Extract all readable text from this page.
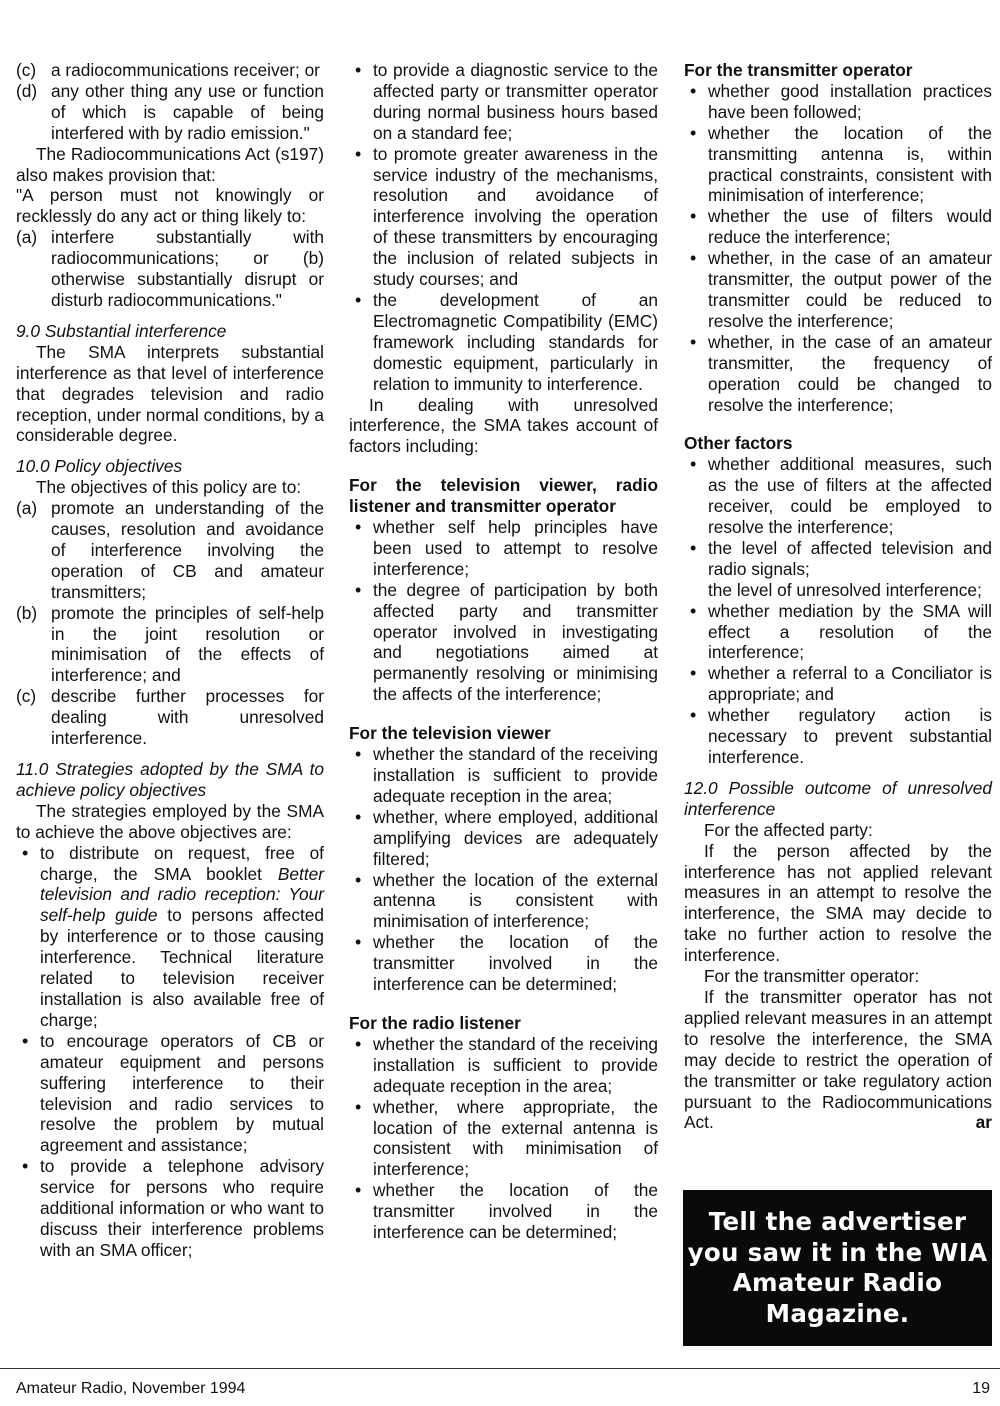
(c) a radiocommunications receiver; or
(d) any other thing any use or function of which is capable of being interfered with by radio emission."

The Radiocommunications Act (s197) also makes provision that:

"A person must not knowingly or recklessly do any act or thing likely to:

(a) interfere substantially with radiocommunications; or (b) otherwise substantially disrupt or disturb radiocommunications."

9.0 Substantial interference

The SMA interprets substantial interference as that level of interference that degrades television and radio reception, under normal conditions, by a considerable degree.

10.0 Policy objectives

The objectives of this policy are to:

(a) promote an understanding of the causes, resolution and avoidance of interference involving the operation of CB and amateur transmitters;
(b) promote the principles of self-help in the joint resolution or minimisation of the effects of interference; and
(c) describe further processes for dealing with unresolved interference.

11.0 Strategies adopted by the SMA to achieve policy objectives

The strategies employed by the SMA to achieve the above objectives are:

• to distribute on request, free of charge, the SMA booklet Better television and radio reception: Your self-help guide to persons affected by interference or to those causing interference. Technical literature related to television receiver installation is also available free of charge;
• to encourage operators of CB or amateur equipment and persons suffering interference to their television and radio services to resolve the problem by mutual agreement and assistance;
• to provide a telephone advisory service for persons who require additional information or who want to discuss their interference problems with an SMA officer;
• to provide a diagnostic service to the affected party or transmitter operator during normal business hours based on a standard fee;
• to promote greater awareness in the service industry of the mechanisms, resolution and avoidance of interference involving the operation of these transmitters by encouraging the inclusion of related subjects in study courses; and
• the development of an Electromagnetic Compatibility (EMC) framework including standards for domestic equipment, particularly in relation to immunity to interference.

In dealing with unresolved interference, the SMA takes account of factors including:

For the television viewer, radio listener and transmitter operator

• whether self help principles have been used to attempt to resolve interference;
• the degree of participation by both affected party and transmitter operator involved in investigating and negotiations aimed at permanently resolving or minimising the affects of the interference;

For the television viewer

• whether the standard of the receiving installation is sufficient to provide adequate reception in the area;
• whether, where employed, additional amplifying devices are adequately filtered;
• whether the location of the external antenna is consistent with minimisation of interference;
• whether the location of the transmitter involved in the interference can be determined;

For the radio listener

• whether the standard of the receiving installation is sufficient to provide adequate reception in the area;
• whether, where appropriate, the location of the external antenna is consistent with minimisation of interference;
• whether the location of the transmitter involved in the interference can be determined;

For the transmitter operator

• whether good installation practices have been followed;
• whether the location of the transmitting antenna is, within practical constraints, consistent with minimisation of interference;
• whether the use of filters would reduce the interference;
• whether, in the case of an amateur transmitter, the output power of the transmitter could be reduced to resolve the interference;
• whether, in the case of an amateur transmitter, the frequency of operation could be changed to resolve the interference;

Other factors

• whether additional measures, such as the use of filters at the affected receiver, could be employed to resolve the interference;
• the level of affected television and radio signals;
the level of unresolved interference;
• whether mediation by the SMA will effect a resolution of the interference;
• whether a referral to a Conciliator is appropriate; and
• whether regulatory action is necessary to prevent substantial interference.

12.0 Possible outcome of unresolved interference

For the affected party:

If the person affected by the interference has not applied relevant measures in an attempt to resolve the interference, the SMA may decide to take no further action to resolve the interference.

For the transmitter operator:

If the transmitter operator has not applied relevant measures in an attempt to resolve the interference, the SMA may decide to restrict the operation of the transmitter or take regulatory action pursuant to the Radiocommunications Act.	ar

Tell the advertiser you saw it in the WIA Amateur Radio Magazine.
Amateur Radio, November 1994	19
